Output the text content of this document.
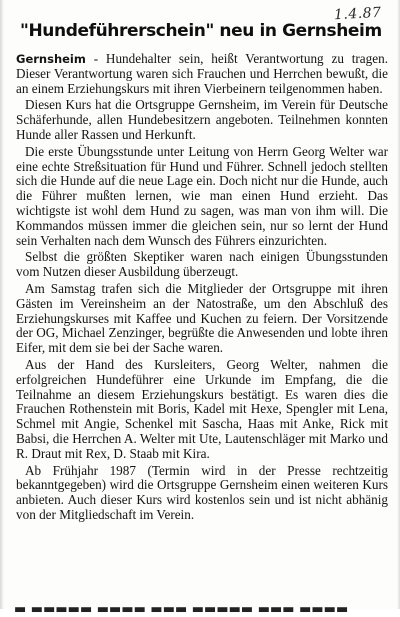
1.4.87
"Hundeführerschein" neu in Gernsheim

Gernsheim - Hundehalter sein, heißt Verantwortung zu tragen. Dieser Verantwortung waren sich Frauchen und Herrchen bewußt, die an einem Erziehungskurs mit ihren Vierbeinern teilgenommen haben.

Diesen Kurs hat die Ortsgruppe Gernsheim, im Verein für Deutsche Schäferhunde, allen Hundebesitzern angeboten. Teilnehmen konnten Hunde aller Rassen und Herkunft.

Die erste Übungsstunde unter Leitung von Herrn Georg Welter war eine echte Streßsituation für Hund und Führer. Schnell jedoch stellten sich die Hunde auf die neue Lage ein. Doch nicht nur die Hunde, auch die Führer mußten lernen, wie man einen Hund erzieht. Das wichtigste ist wohl dem Hund zu sagen, was man von ihm will. Die Kommandos müssen immer die gleichen sein, nur so lernt der Hund sein Verhalten nach dem Wunsch des Führers einzurichten.

Selbst die größten Skeptiker waren nach einigen Übungsstunden vom Nutzen dieser Ausbildung überzeugt.

Am Samstag trafen sich die Mitglieder der Ortsgruppe mit ihren Gästen im Vereinsheim an der Natostraße, um den Abschluß des Erziehungskurses mit Kaffee und Kuchen zu feiern. Der Vorsitzende der OG, Michael Zenzinger, begrüßte die Anwesenden und lobte ihren Eifer, mit dem sie bei der Sache waren.

Aus der Hand des Kursleiters, Georg Welter, nahmen die erfolgreichen Hundeführer eine Urkunde im Empfang, die die Teilnahme an diesem Erziehungskurs bestätigt. Es waren dies die Frauchen Rothenstein mit Boris, Kadel mit Hexe, Spengler mit Lena, Schmel mit Angie, Schenkel mit Sascha, Haas mit Anke, Rick mit Babsi, die Herrchen A. Welter mit Ute, Lautenschläger mit Marko und R. Draut mit Rex, D. Staab mit Kira.

Ab Frühjahr 1987 (Termin wird in der Presse rechtzeitig bekanntgegeben) wird die Ortsgruppe Gernsheim einen weiteren Kurs anbieten. Auch dieser Kurs wird kostenlos sein und ist nicht abhänig von der Mitgliedschaft im Verein.

▬ ▬▬▬▬▬ ▬▬▬▬ ▬▬▬ ▬▬▬▬▬ ▬▬▬ ▬▬▬▬
